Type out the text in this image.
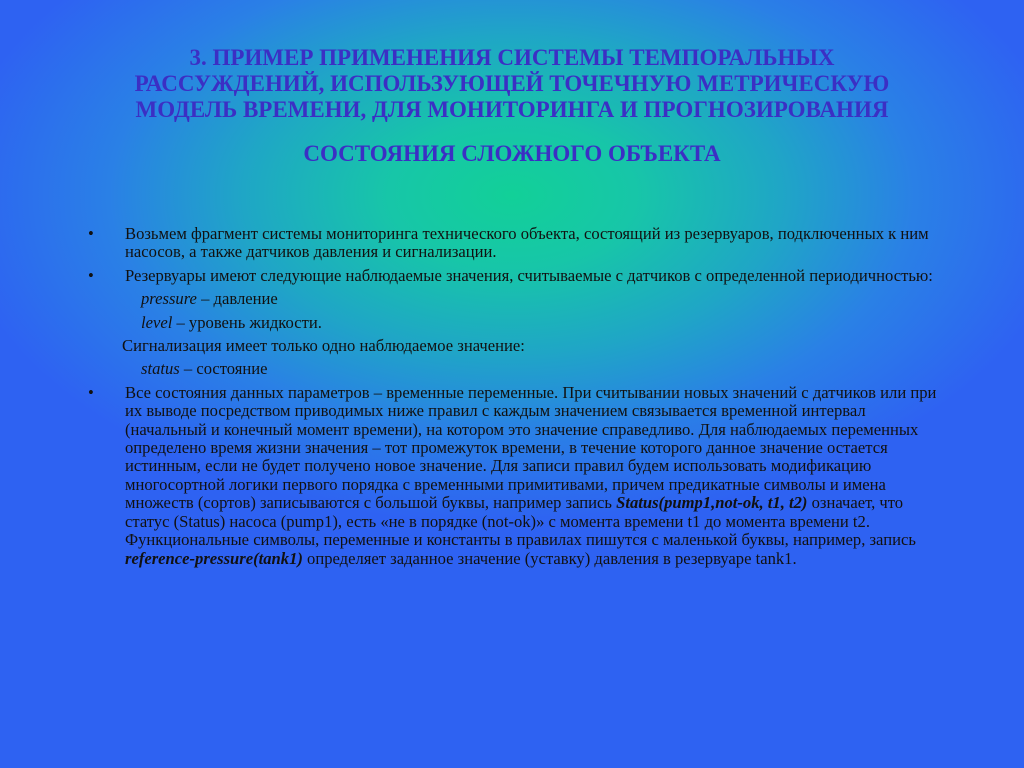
3. ПРИМЕР ПРИМЕНЕНИЯ СИСТЕМЫ ТЕМПОРАЛЬНЫХ
РАССУЖДЕНИЙ, ИСПОЛЬЗУЮЩЕЙ ТОЧЕЧНУЮ МЕТРИЧЕСКУЮ
МОДЕЛЬ ВРЕМЕНИ, ДЛЯ МОНИТОРИНГА И ПРОГНОЗИРОВАНИЯ
СОСТОЯНИЯ СЛОЖНОГО ОБЪЕКТА
• Возьмем фрагмент системы мониторинга технического объекта, состоящий из резервуаров, подключенных к ним насосов, а также датчиков давления и сигнализации.
• Резервуары имеют следующие наблюдаемые значения, считываемые с датчиков с определенной периодичностью:
pressure – давление
level – уровень жидкости.
Сигнализация имеет только одно наблюдаемое значение:
status – состояние
• Все состояния данных параметров – временные переменные. При считывании новых значений с датчиков или при их выводе посредством приводимых ниже правил с каждым значением связывается временной интервал (начальный и конечный момент времени), на котором это значение справедливо. Для наблюдаемых переменных определено время жизни значения – тот промежуток времени, в течение которого данное значение остается истинным, если не будет получено новое значение. Для записи правил будем использовать модификацию многосортной логики первого порядка с временными примитивами, причем предикатные символы и имена множеств (сортов) записываются с большой буквы, например запись Status(pump1,not-ok, t1, t2) означает, что статус (Status) насоса (pump1), есть «не в порядке (not-ok)» с момента времени t1 до момента времени t2. Функциональные символы, переменные и константы в правилах пишутся с маленькой буквы, например, запись reference-pressure(tank1) определяет заданное значение (уставку) давления в резервуаре tank1.
